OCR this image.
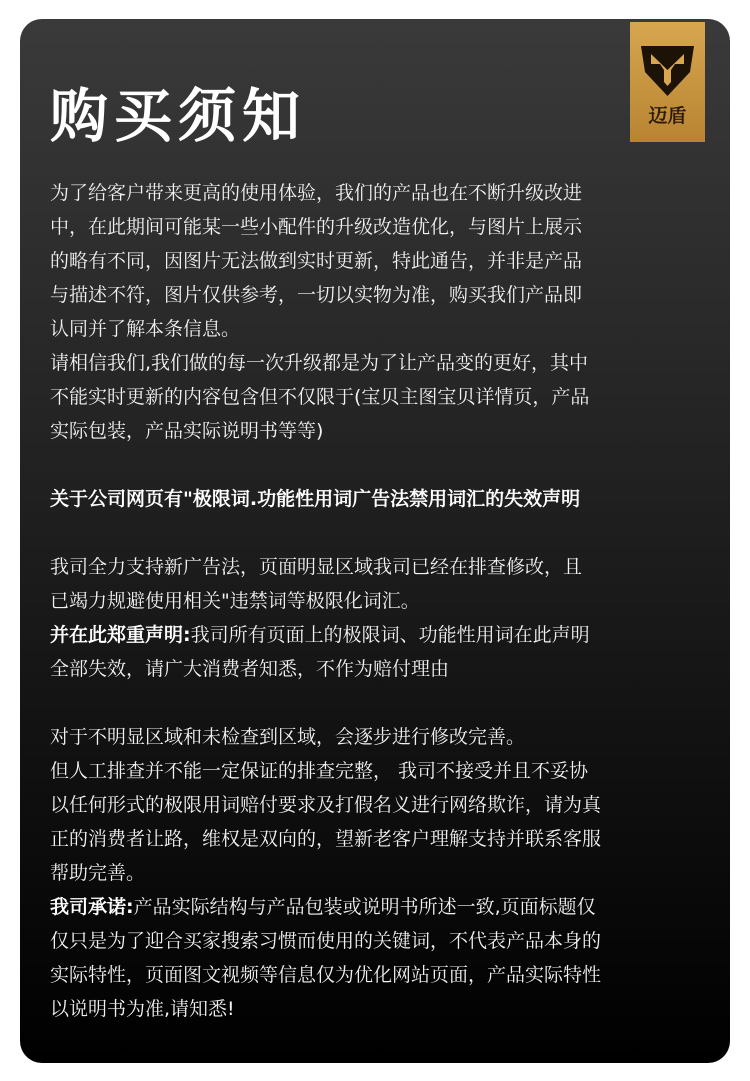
购买须知	迈盾

为了给客户带来更高的使用体验，我们的产品也在不断升级改进

中，在此期间可能某一些小配件的升级改造优化，与图片上展示

的略有不同，因图片无法做到实时更新，特此通告，并非是产品

与描述不符，图片仅供参考，一切以实物为准，购买我们产品即

认同并了解本条信息。

请相信我们,我们做的每一次升级都是为了让产品变的更好，其中

不能实时更新的内容包含但不仅限于(宝贝主图宝贝详情页，产品

实际包装，产品实际说明书等等)

关于公司网页有"极限词.功能性用词广告法禁用词汇的失效声明

我司全力支持新广告法，页面明显区域我司已经在排查修改，且

已竭力规避使用相关"违禁词等极限化词汇。

并在此郑重声明:我司所有页面上的极限词、功能性用词在此声明

全部失效，请广大消费者知悉，不作为赔付理由

对于不明显区域和未检查到区域，会逐步进行修改完善。

但人工排查并不能一定保证的排查完整， 我司不接受并且不妥协

以任何形式的极限用词赔付要求及打假名义进行网络欺诈，请为真

正的消费者让路，维权是双向的，望新老客户理解支持并联系客服

帮助完善。

我司承诺:产品实际结构与产品包装或说明书所述一致,页面标题仅

仅只是为了迎合买家搜索习惯而使用的关键词，不代表产品本身的

实际特性，页面图文视频等信息仅为优化网站页面，产品实际特性

以说明书为准,请知悉!
